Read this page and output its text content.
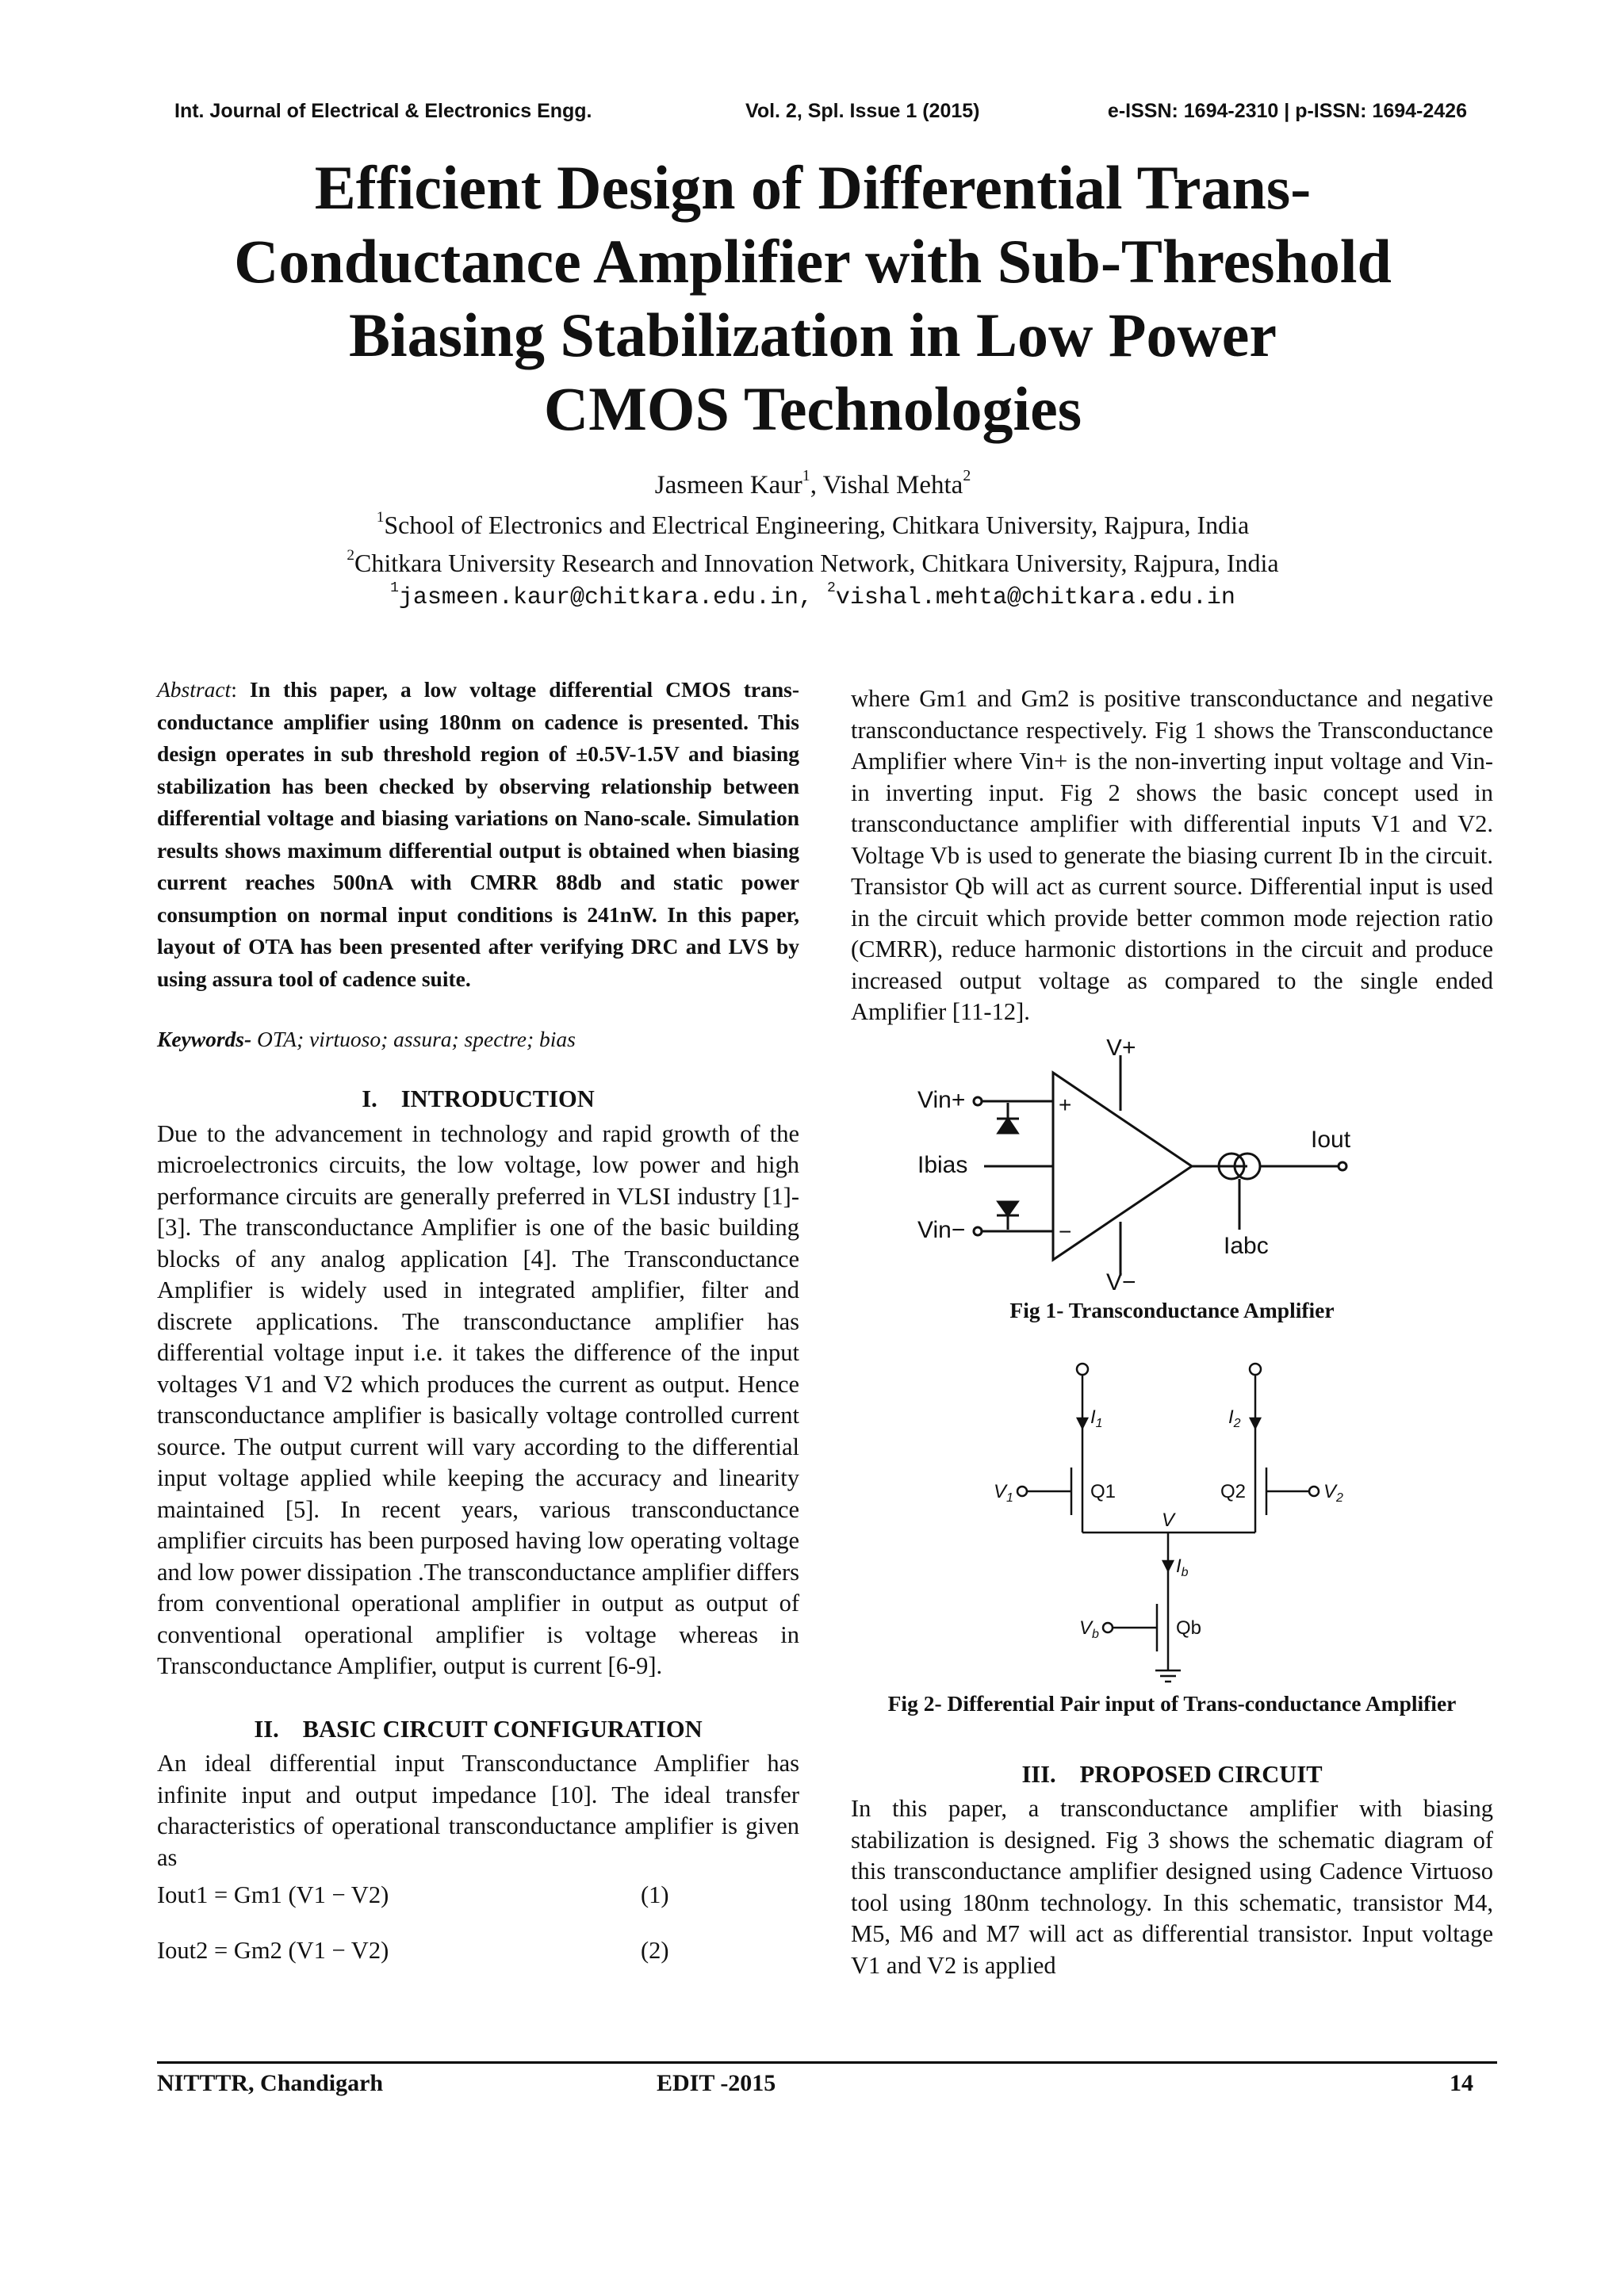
Int. Journal of Electrical & Electronics Engg.	Vol. 2, Spl. Issue 1 (2015)	e-ISSN: 1694-2310 | p-ISSN: 1694-2426
Efficient Design of Differential Trans-
Conductance Amplifier with Sub-Threshold
Biasing Stabilization in Low Power
CMOS Technologies
Jasmeen Kaur$^1$, Vishal Mehta$^2$
$^1$School of Electronics and Electrical Engineering, Chitkara University, Rajpura, India
$^2$Chitkara University Research and Innovation Network, Chitkara University, Rajpura, India
$^1$jasmeen.kaur@chitkara.edu.in, $^2$vishal.mehta@chitkara.edu.in

Abstract: In this paper, a low voltage differential CMOS trans-conductance amplifier using 180nm on cadence is presented. This design operates in sub threshold region of ±0.5V-1.5V and biasing stabilization has been checked by observing relationship between differential voltage and biasing variations on Nano-scale. Simulation results shows maximum differential output is obtained when biasing current reaches 500nA with CMRR 88db and static power consumption on normal input conditions is 241nW. In this paper, layout of OTA has been presented after verifying DRC and LVS by using assura tool of cadence suite.

Keywords- OTA; virtuoso; assura; spectre; bias

I. INTRODUCTION

Due to the advancement in technology and rapid growth of the microelectronics circuits, the low voltage, low power and high performance circuits are generally preferred in VLSI industry [1]-[3]. The transconductance Amplifier is one of the basic building blocks of any analog application [4]. The Transconductance Amplifier is widely used in integrated amplifier, filter and discrete applications. The transconductance amplifier has differential voltage input i.e. it takes the difference of the input voltages V1 and V2 which produces the current as output. Hence transconductance amplifier is basically voltage controlled current source. The output current will vary according to the differential input voltage applied while keeping the accuracy and linearity maintained [5]. In recent years, various transconductance amplifier circuits has been purposed having low operating voltage and low power dissipation .The transconductance amplifier differs from conventional operational amplifier in output as output of conventional operational amplifier is voltage whereas in Transconductance Amplifier, output is current [6-9].

II. BASIC CIRCUIT CONFIGURATION

An ideal differential input Transconductance Amplifier has infinite input and output impedance [10]. The ideal transfer characteristics of operational transconductance amplifier is given as

Iout1 = Gm1 (V1 − V2)	(1)
Iout2 = Gm2 (V1 − V2)	(2)

where Gm1 and Gm2 is positive transconductance and negative transconductance respectively. Fig 1 shows the Transconductance Amplifier where Vin+ is the non-inverting input voltage and Vin- in inverting input. Fig 2 shows the basic concept used in transconductance amplifier with differential inputs V1 and V2. Voltage Vb is used to generate the biasing current Ib in the circuit. Transistor Qb will act as current source. Differential input is used in the circuit which provide better common mode rejection ratio (CMRR), reduce harmonic distortions in the circuit and produce increased output voltage as compared to the single ended Amplifier [11-12].

V+
Vin+
Ibias
Iout
Vin−
Iabc
V−
+
−

Fig 1- Transconductance Amplifier

$I_1$	$I_2$
$V_1$	Q1	Q2	$V_2$
V
$I_b$
$V_b$	Qb

Fig 2- Differential Pair input of Trans-conductance Amplifier

III. PROPOSED CIRCUIT

In this paper, a transconductance amplifier with biasing stabilization is designed. Fig 3 shows the schematic diagram of this transconductance amplifier designed using Cadence Virtuoso tool using 180nm technology. In this schematic, transistor M4, M5, M6 and M7 will act as differential transistor. Input voltage V1 and V2 is applied

NITTTR, Chandigarh	EDIT -2015	14
